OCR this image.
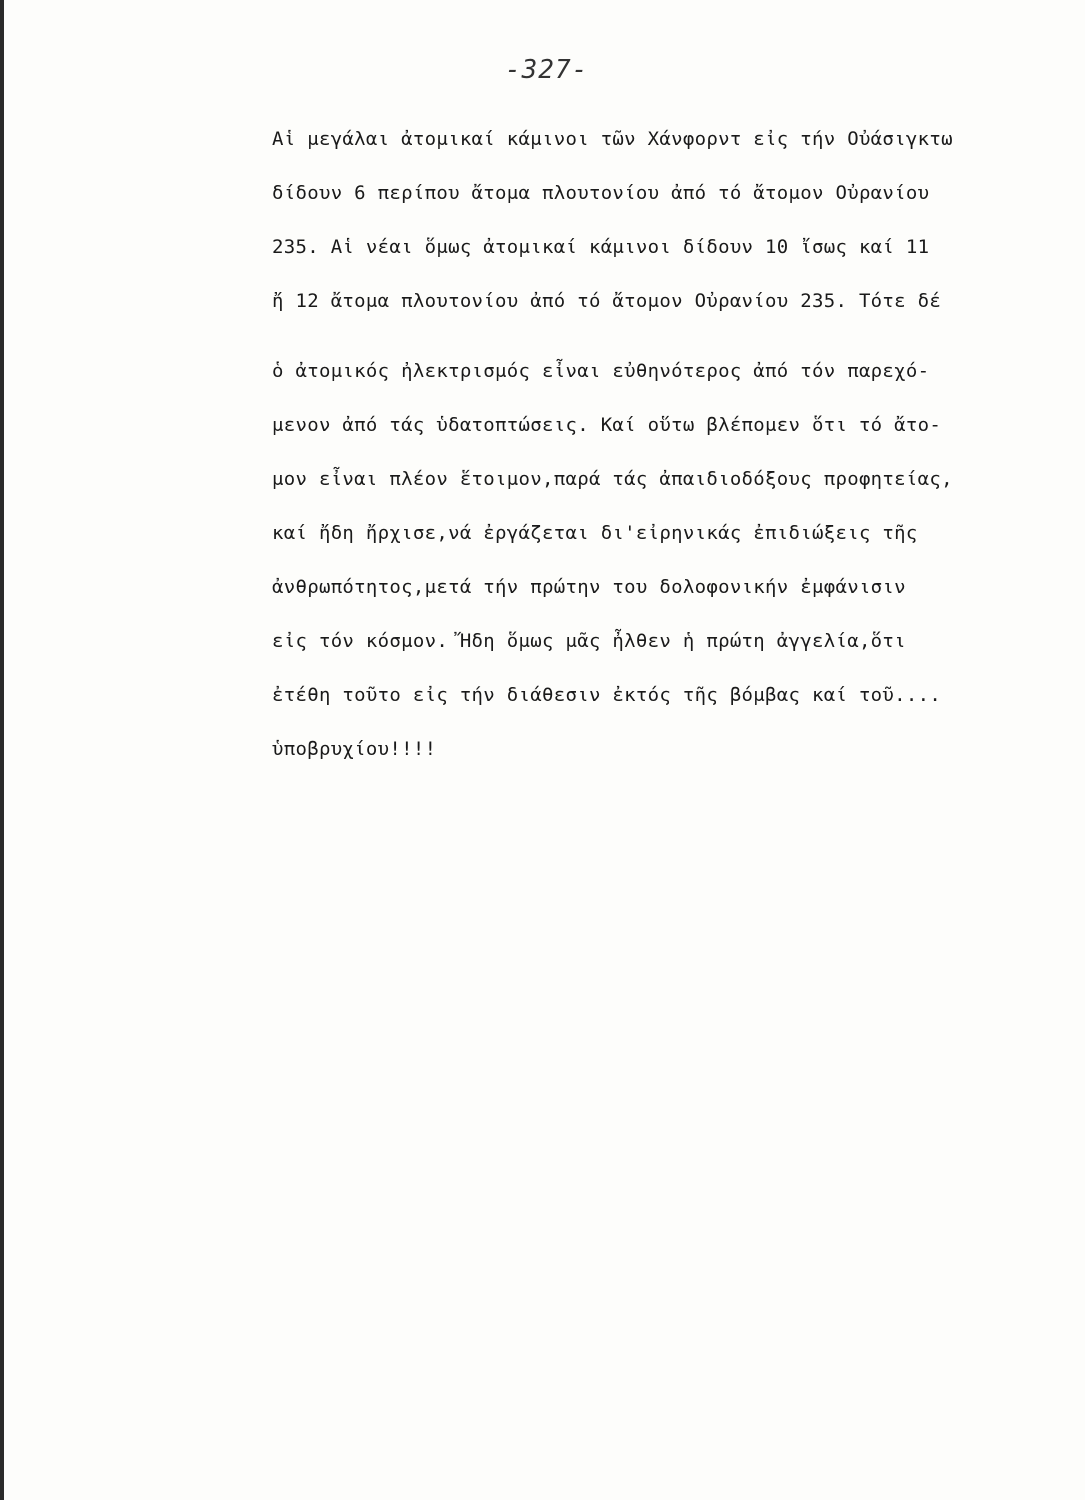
-327-
Αἱ μεγάλαι ἀτομικαί κάμινοι τῶν Χάνφορντ εἰς τήν Οὐάσιγκτω
δίδουν 6 περίπου ἄτομα πλουτονίου ἀπό τό ἄτομον Οὐρανίου
235. Αἱ νέαι ὅμως ἀτομικαί κάμινοι δίδουν 10 ἴσως καί 11
ἤ 12 ἄτομα πλουτονίου ἀπό τό ἄτομον Οὐρανίου 235. Τότε δέ
ὁ ἀτομικός ἠλεκτρισμός εἶναι εὐθηνότερος ἀπό τόν παρεχό-
μενον ἀπό τάς ὑδατοπτώσεις. Καί οὕτω βλέπομεν ὅτι τό ἄτο-
μον εἶναι πλέον ἕτοιμον,παρά τάς ἀπαιδιοδόξους προφητείας,
καί ἤδη ἤρχισε,νά ἐργάζεται δι'εἰρηνικάς ἐπιδιώξεις τῆς
ἀνθρωπότητος,μετά τήν πρώτην του δολοφονικήν ἐμφάνισιν
εἰς τόν κόσμον. Ἤδη ὅμως μᾶς ἦλθεν ἡ πρώτη ἀγγελία,ὅτι
ἐτέθη τοῦτο εἰς τήν διάθεσιν ἐκτός τῆς βόμβας καί τοῦ....
ὑποβρυχίου!!!!
